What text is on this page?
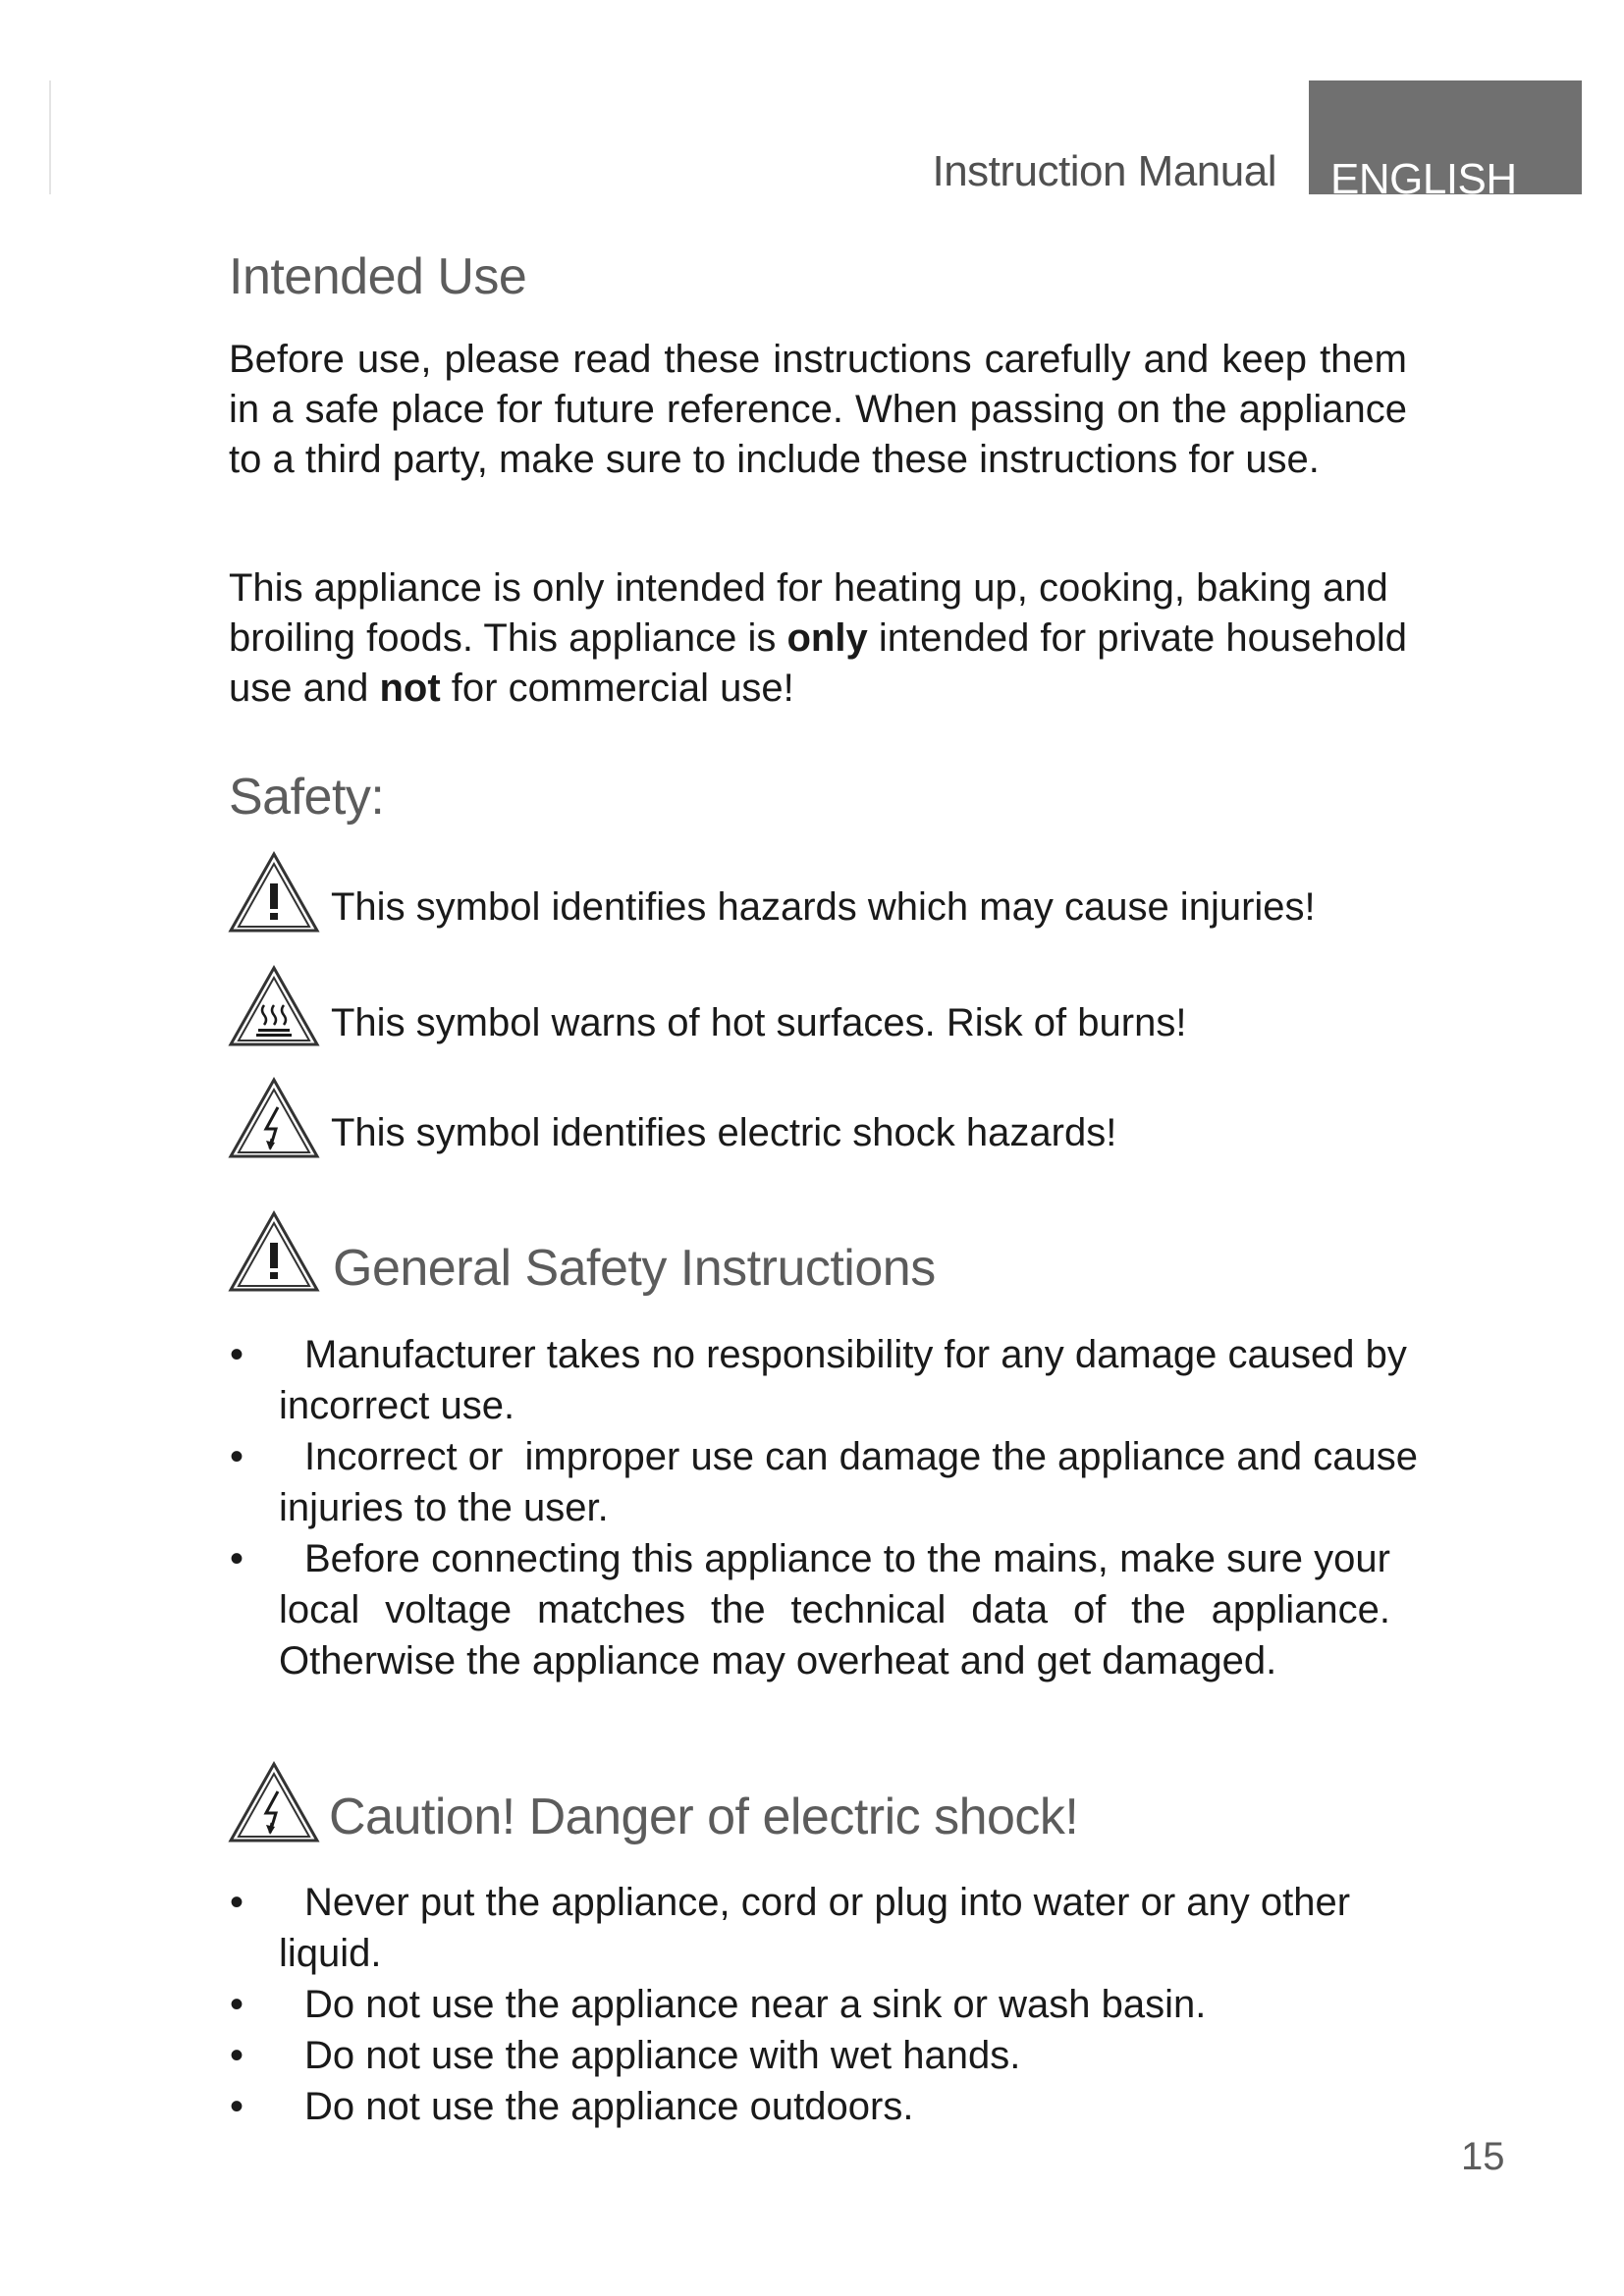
Instruction Manual ENGLISH
Intended Use

Before use, please read these instructions carefully and keep them in a safe place for future reference. When passing on the appliance to a third party, make sure to include these instructions for use.

This appliance is only intended for heating up, cooking, baking and broiling foods. This appliance is only intended for private household use and not for commercial use!

Safety:
This symbol identifies hazards which may cause injuries!
This symbol warns of hot surfaces. Risk of burns!
This symbol identifies electric shock hazards!
General Safety Instructions
•	Manufacturer takes no responsibility for any damage caused by incorrect use.
•	Incorrect or  improper use can damage the appliance and cause injuries to the user.
•	Before connecting this appliance to the mains, make sure your local voltage matches the technical data of the appliance. Otherwise the appliance may overheat and get damaged.
Caution! Danger of electric shock!
•	Never put the appliance, cord or plug into water or any other liquid.
•	Do not use the appliance near a sink or wash basin.
•	Do not use the appliance with wet hands.
•	Do not use the appliance outdoors.
15
